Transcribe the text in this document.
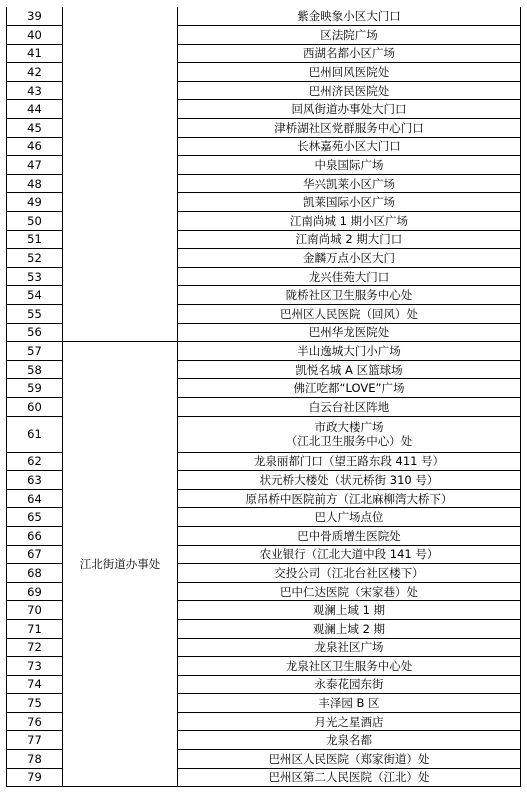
39		紫金映象小区大门口
40		区法院广场
41		西湖名都小区广场
42		巴州回风医院处
43		巴州济民医院处
44		回风街道办事处大门口
45		津桥湖社区党群服务中心门口
46		长林嘉苑小区大门口
47		中泉国际广场
48		华兴凯莱小区广场
49		凯莱国际小区广场
50		江南尚城 1 期小区广场
51		江南尚城 2 期大门口
52		金麟万点小区大门
53		龙兴佳苑大门口
54		陇桥社区卫生服务中心处
55		巴州区人民医院（回风）处
56		巴州华龙医院处
57	江北街道办事处	半山逸城大门小广场
58		凯悦名城 A 区篮球场
59		佛江吃都“LOVE”广场
60		白云台社区阵地
61		市政大楼广场
（江北卫生服务中心）处

62		龙泉丽都门口（望王路东段 411 号）
63		状元桥大楼处（状元桥街 310 号）
64		原吊桥中医院前方（江北麻柳湾大桥下）
65		巴人广场点位
66		巴中骨质增生医院处
67		农业银行（江北大道中段 141 号）
68		交投公司（江北台社区楼下）
69		巴中仁达医院（宋家巷）处
70		观澜上域 1 期
71		观澜上域 2 期
72		龙泉社区广场
73		龙泉社区卫生服务中心处
74		永泰花园东街
75		丰泽园 B 区
76		月光之星酒店
77		龙泉名都
78		巴州区人民医院（郑家街道）处
79		巴州区第二人民医院（江北）处
